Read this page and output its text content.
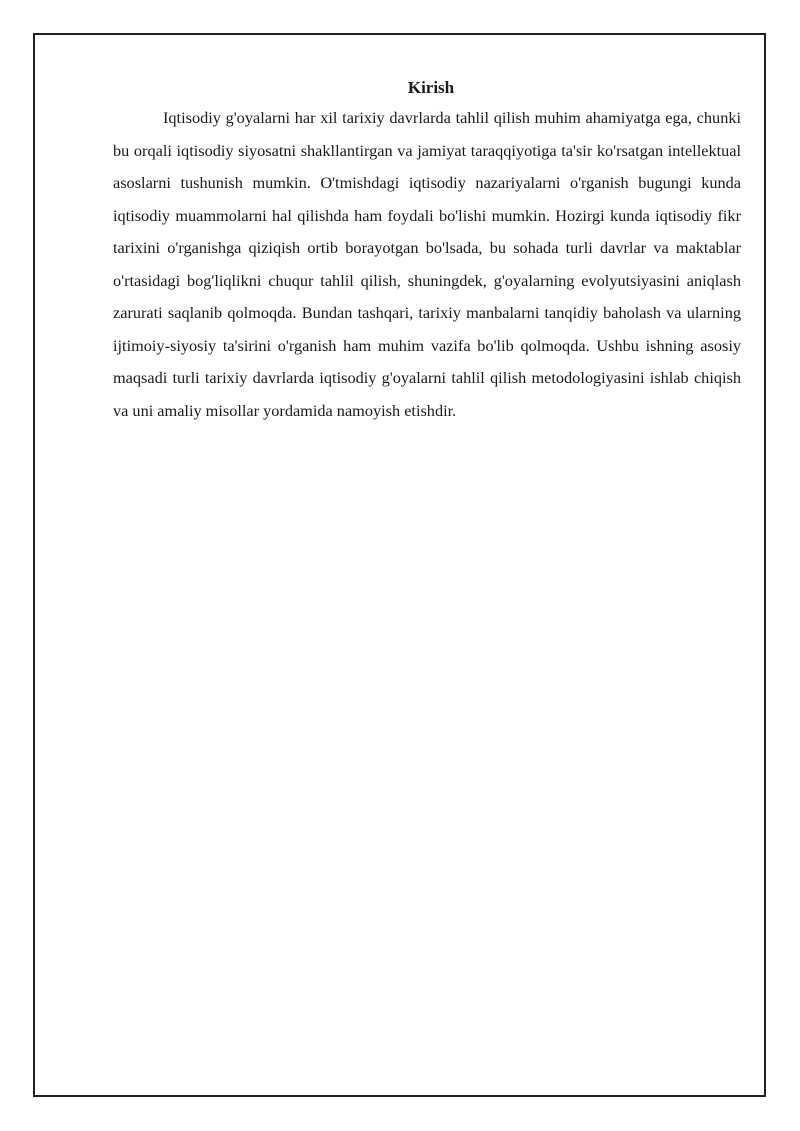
Kirish

Iqtisodiy g'oyalarni har xil tarixiy davrlarda tahlil qilish muhim ahamiyatga ega, chunki bu orqali iqtisodiy siyosatni shakllantirgan va jamiyat taraqqiyotiga ta'sir ko'rsatgan intellektual asoslarni tushunish mumkin. O'tmishdagi iqtisodiy nazariyalarni o'rganish bugungi kunda iqtisodiy muammolarni hal qilishda ham foydali bo'lishi mumkin. Hozirgi kunda iqtisodiy fikr tarixini o'rganishga qiziqish ortib borayotgan bo'lsada, bu sohada turli davrlar va maktablar o'rtasidagi bog'liqlikni chuqur tahlil qilish, shuningdek, g'oyalarning evolyutsiyasini aniqlash zarurati saqlanib qolmoqda. Bundan tashqari, tarixiy manbalarni tanqidiy baholash va ularning ijtimoiy-siyosiy ta'sirini o'rganish ham muhim vazifa bo'lib qolmoqda. Ushbu ishning asosiy maqsadi turli tarixiy davrlarda iqtisodiy g'oyalarni tahlil qilish metodologiyasini ishlab chiqish va uni amaliy misollar yordamida namoyish etishdir.
